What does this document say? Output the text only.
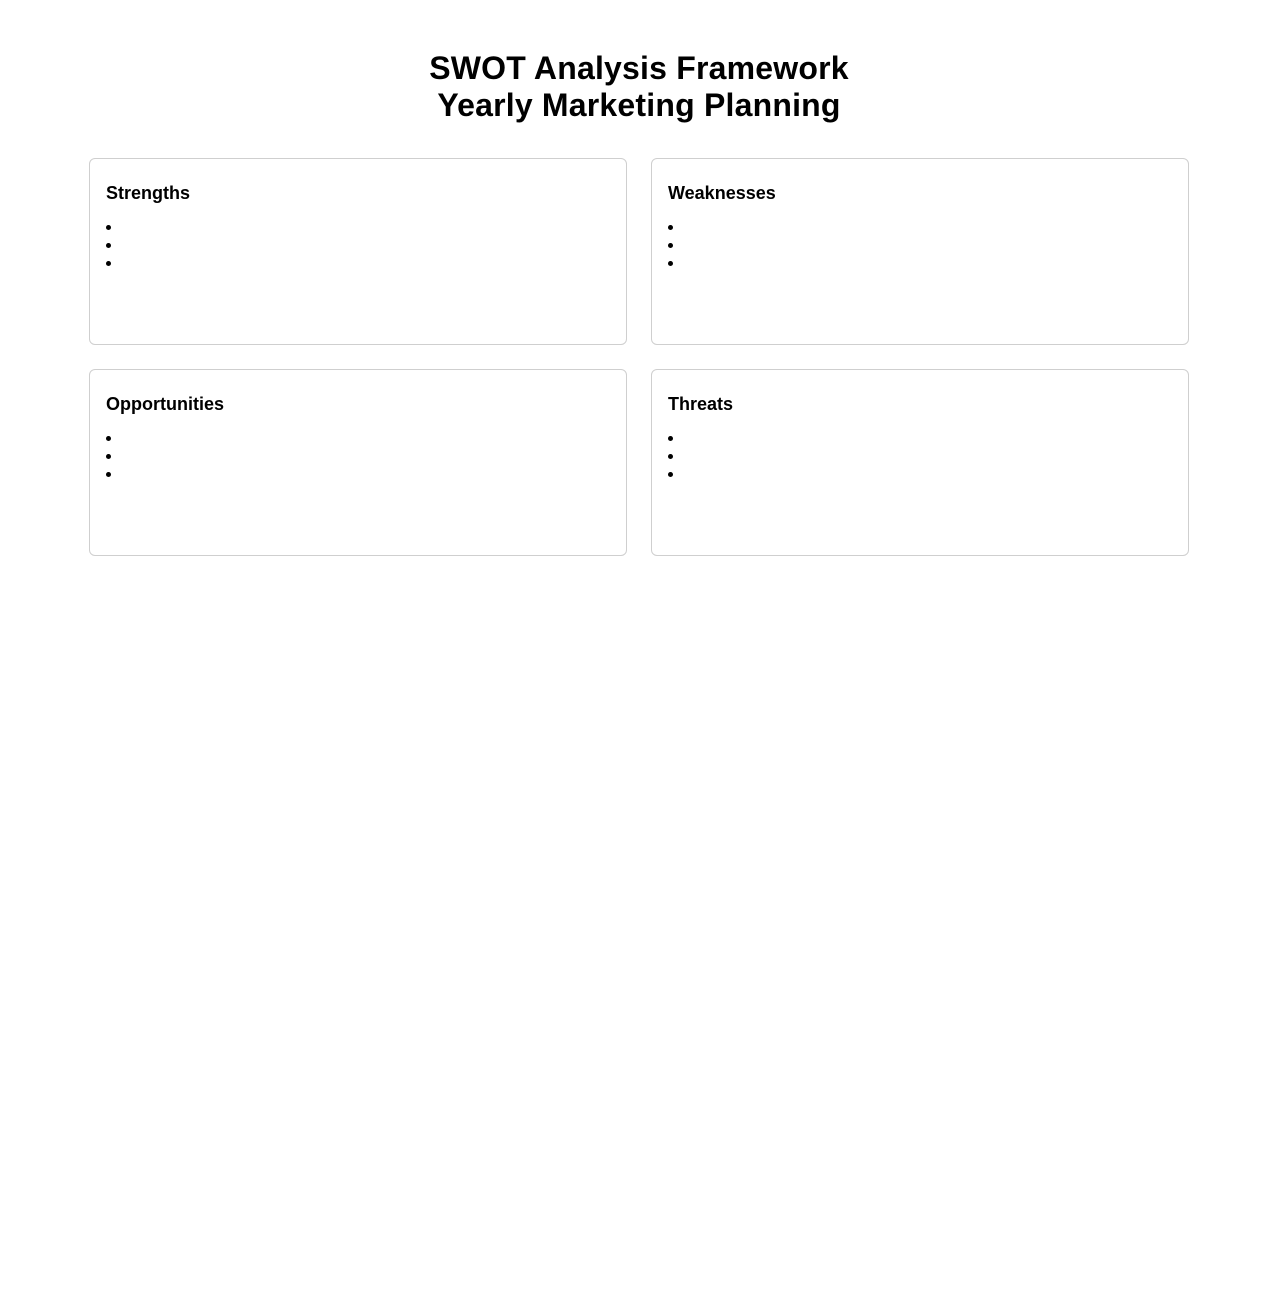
SWOT Analysis Framework
Yearly Marketing Planning
Strengths	Weaknesses
Opportunities	Threats
